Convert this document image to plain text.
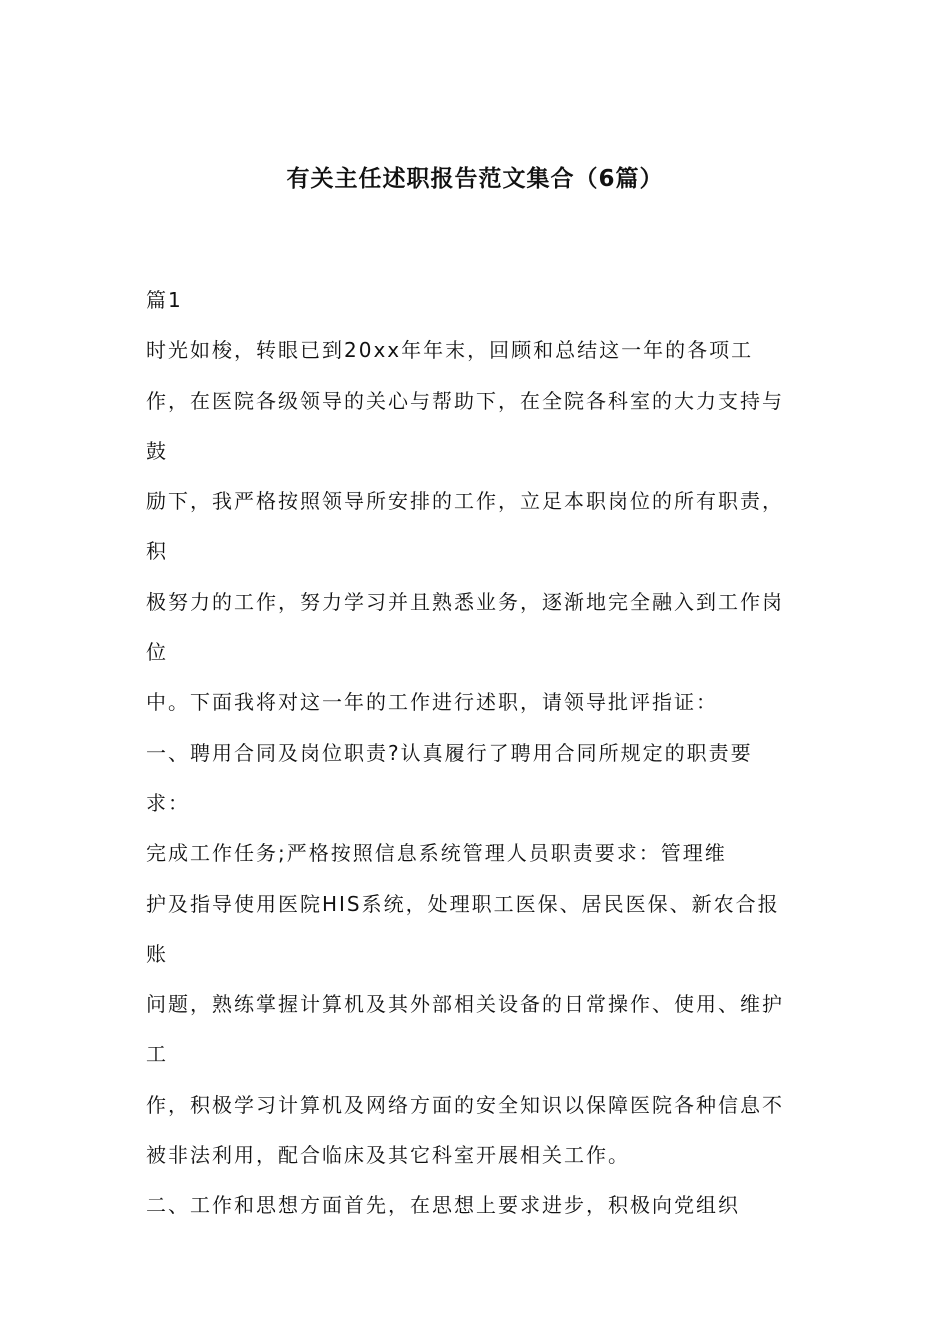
有关主任述职报告范文集合（6篇）
篇1
时光如梭，转眼已到20xx年年末，回顾和总结这一年的各项工
作，在医院各级领导的关心与帮助下，在全院各科室的大力支持与
鼓
励下，我严格按照领导所安排的工作，立足本职岗位的所有职责，
积
极努力的工作，努力学习并且熟悉业务，逐渐地完全融入到工作岗
位
中。下面我将对这一年的工作进行述职，请领导批评指证：
一、聘用合同及岗位职责?认真履行了聘用合同所规定的职责要
求：
完成工作任务;严格按照信息系统管理人员职责要求：管理维
护及指导使用医院HIS系统，处理职工医保、居民医保、新农合报
账
问题，熟练掌握计算机及其外部相关设备的日常操作、使用、维护
工
作，积极学习计算机及网络方面的安全知识以保障医院各种信息不
被非法利用，配合临床及其它科室开展相关工作。
二、工作和思想方面首先，在思想上要求进步，积极向党组织
